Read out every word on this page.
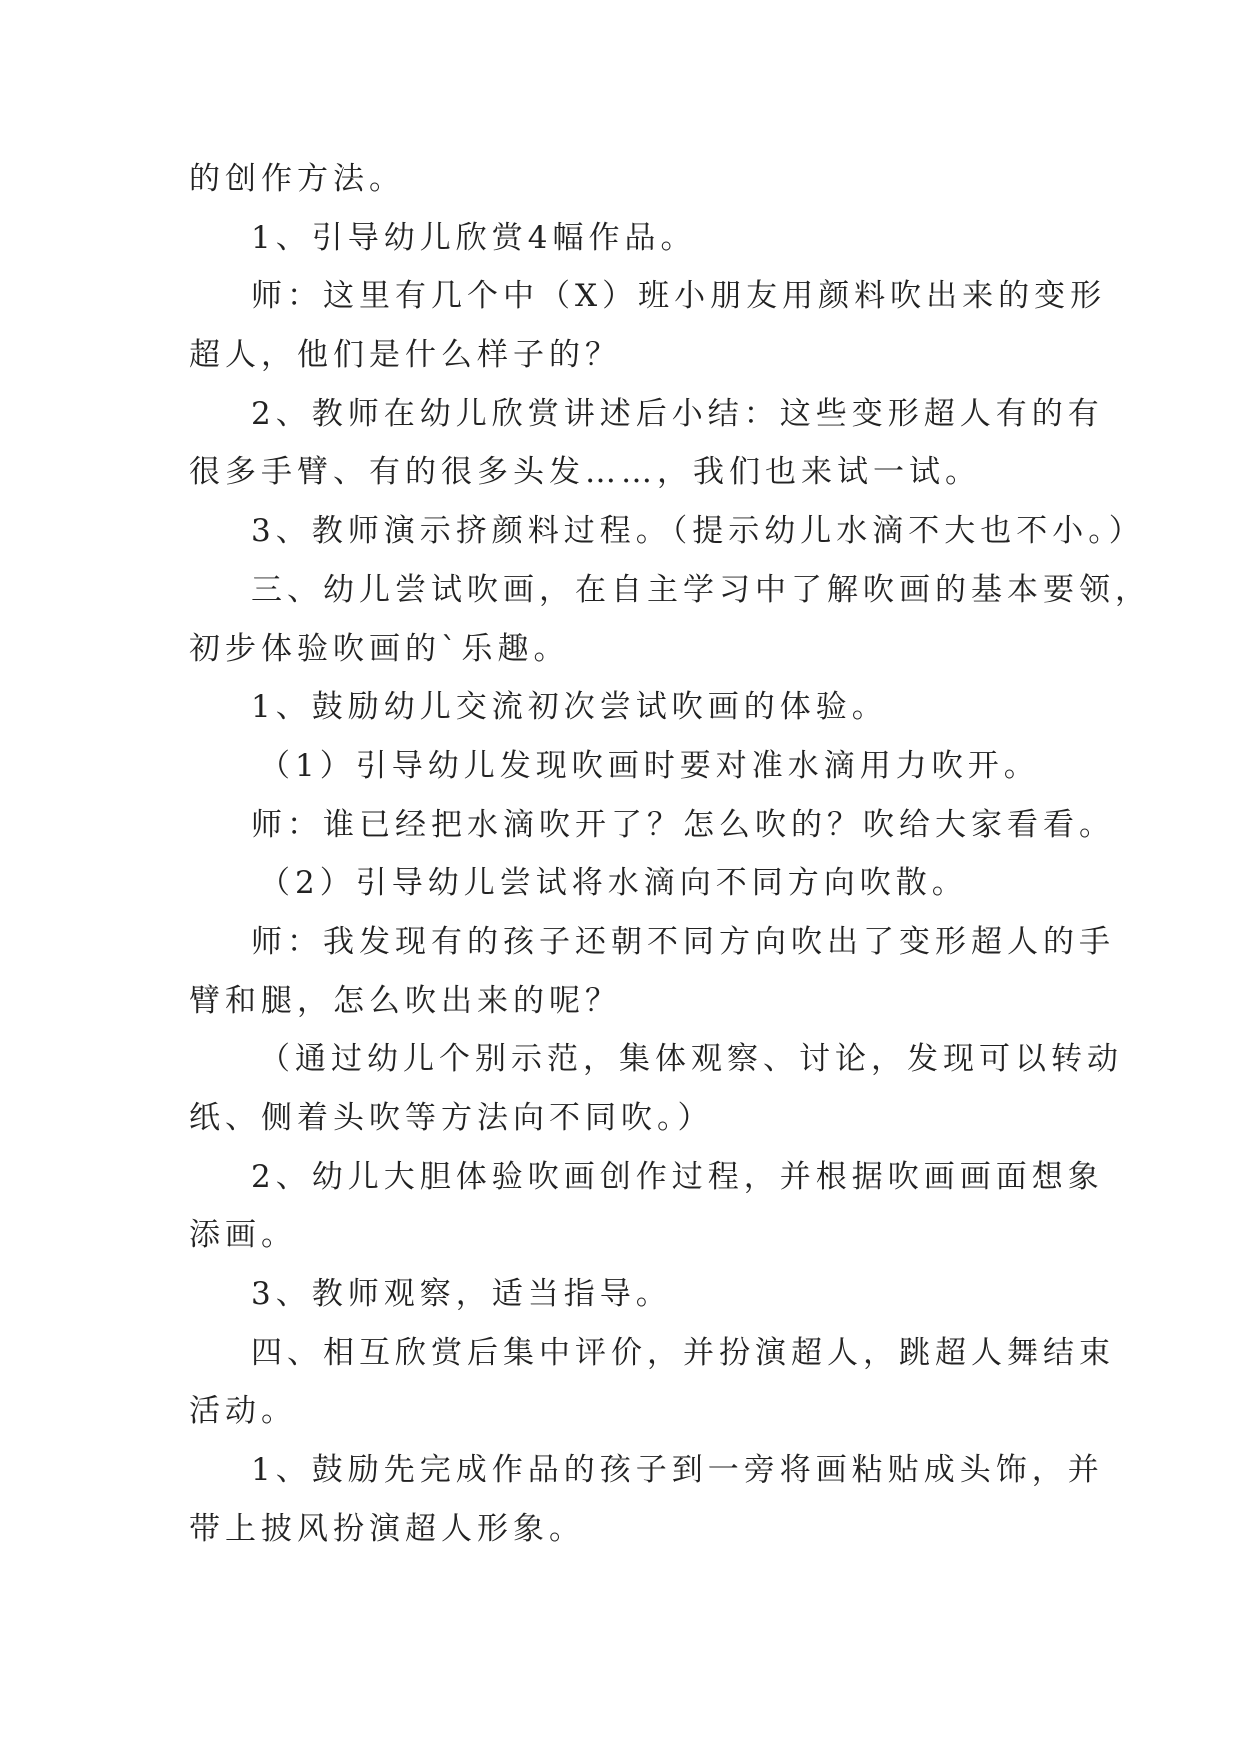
的创作方法。
1、引导幼儿欣赏4幅作品。
师：这里有几个中（X）班小朋友用颜料吹出来的变形
超人，他们是什么样子的？
2、教师在幼儿欣赏讲述后小结：这些变形超人有的有
很多手臂、有的很多头发……，我们也来试一试。
3、教师演示挤颜料过程。（提示幼儿水滴不大也不小。）
三、幼儿尝试吹画，在自主学习中了解吹画的基本要领，
初步体验吹画的`乐趣。
1、鼓励幼儿交流初次尝试吹画的体验。
（1）引导幼儿发现吹画时要对准水滴用力吹开。
师：谁已经把水滴吹开了？怎么吹的？吹给大家看看。
（2）引导幼儿尝试将水滴向不同方向吹散。
师：我发现有的孩子还朝不同方向吹出了变形超人的手
臂和腿，怎么吹出来的呢？
（通过幼儿个别示范，集体观察、讨论，发现可以转动
纸、侧着头吹等方法向不同吹。）
2、幼儿大胆体验吹画创作过程，并根据吹画画面想象
添画。
3、教师观察，适当指导。
四、相互欣赏后集中评价，并扮演超人，跳超人舞结束
活动。
1、鼓励先完成作品的孩子到一旁将画粘贴成头饰，并
带上披风扮演超人形象。
